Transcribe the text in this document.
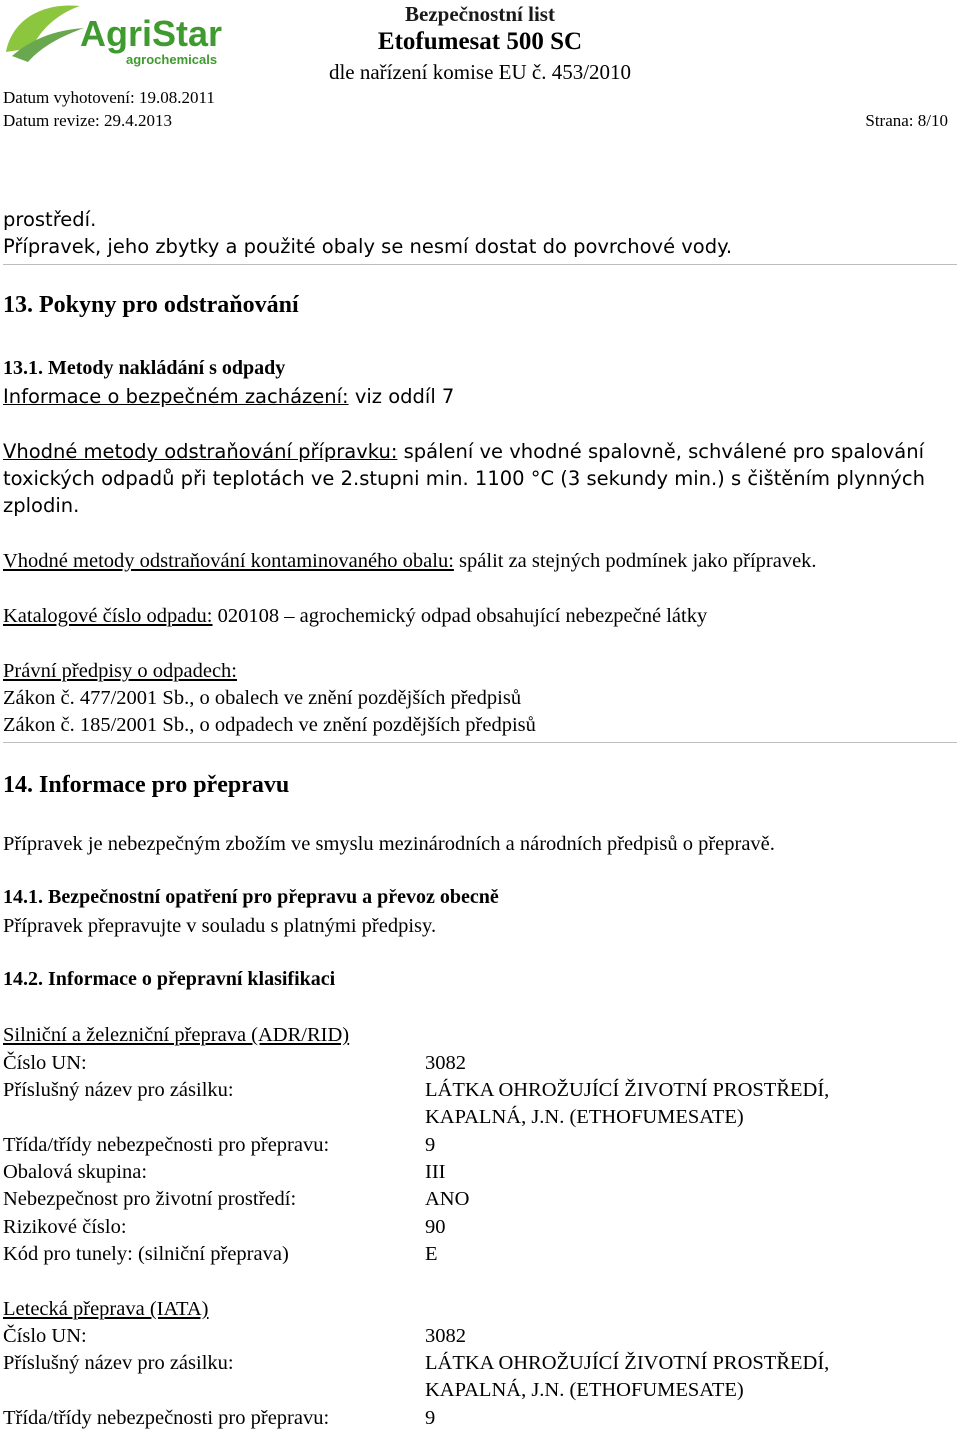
AgriStar
agrochemicals
Bezpečnostní list
Etofumesat 500 SC
dle nařízení komise EU č. 453/2010
Datum vyhotovení: 19.08.2011
Datum revize: 29.4.2013	Strana: 8/10
prostředí.
Přípravek, jeho zbytky a použité obaly se nesmí dostat do povrchové vody.
13. Pokyny pro odstraňování
13.1. Metody nakládání s odpady
Informace o bezpečném zacházení: viz oddíl 7
Vhodné metody odstraňování přípravku: spálení ve vhodné spalovně, schválené pro spalování
toxických odpadů při teplotách ve 2.stupni min. 1100 °C (3 sekundy min.) s čištěním plynných
zplodin.
Vhodné metody odstraňování kontaminovaného obalu: spálit za stejných podmínek jako přípravek.
Katalogové číslo odpadu: 020108 – agrochemický odpad obsahující nebezpečné látky
Právní předpisy o odpadech:
Zákon č. 477/2001 Sb., o obalech ve znění pozdějších předpisů
Zákon č. 185/2001 Sb., o odpadech ve znění pozdějších předpisů
14. Informace pro přepravu
Přípravek je nebezpečným zbožím ve smyslu mezinárodních a národních předpisů o přepravě.
14.1. Bezpečnostní opatření pro přepravu a převoz obecně
Přípravek přepravujte v souladu s platnými předpisy.
14.2. Informace o přepravní klasifikaci
Silniční a železniční přeprava (ADR/RID)
Číslo UN:	3082
Příslušný název pro zásilku:	LÁTKA OHROŽUJÍCÍ ŽIVOTNÍ PROSTŘEDÍ,
KAPALNÁ, J.N. (ETHOFUMESATE)
Třída/třídy nebezpečnosti pro přepravu:	9
Obalová skupina:	III
Nebezpečnost pro životní prostředí:	ANO
Rizikové číslo:	90
Kód pro tunely: (silniční přeprava)	E
Letecká přeprava (IATA)
Číslo UN:	3082
Příslušný název pro zásilku:	LÁTKA OHROŽUJÍCÍ ŽIVOTNÍ PROSTŘEDÍ,
KAPALNÁ, J.N. (ETHOFUMESATE)
Třída/třídy nebezpečnosti pro přepravu:	9
